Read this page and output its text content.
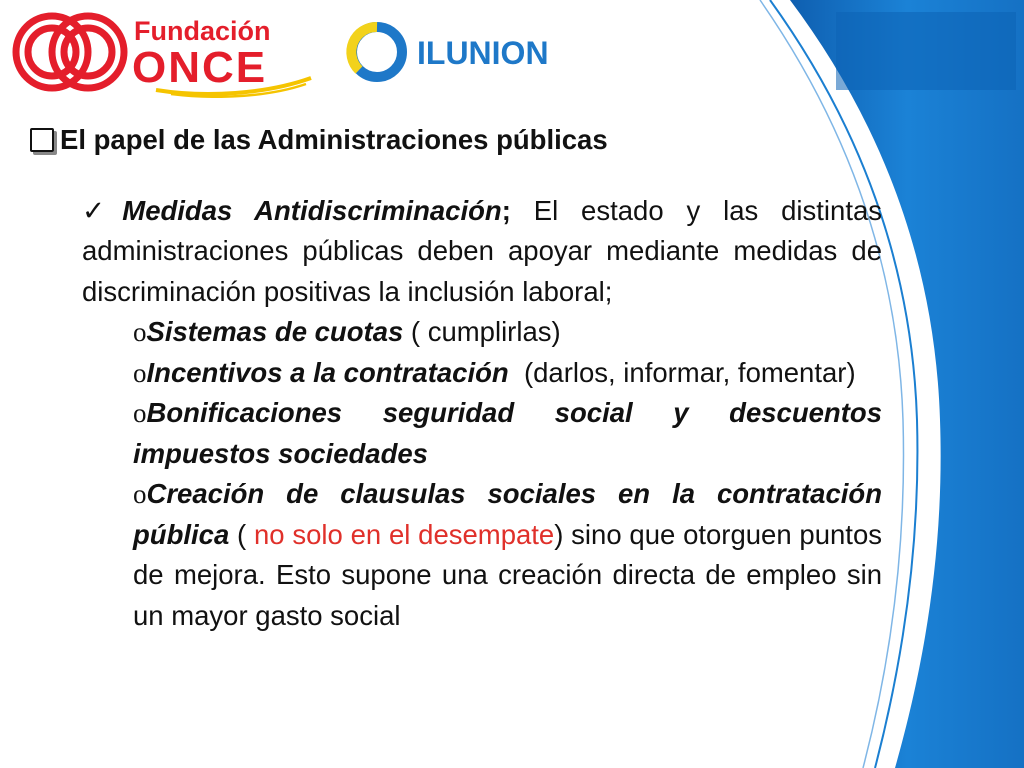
Fundación
ONCE	ILUNION
El papel de las Administraciones públicas
✓Medidas Antidiscriminación; El estado y las distintas administraciones públicas deben apoyar mediante medidas de discriminación positivas la inclusión laboral;
oSistemas de cuotas ( cumplirlas)
oIncentivos a la contratación  (darlos, informar, fomentar)
oBonificaciones seguridad social y descuentos impuestos sociedades
oCreación de clausulas sociales en la contratación pública ( no solo en el desempate) sino que otorguen puntos de mejora. Esto supone una creación directa de empleo sin un mayor gasto social
